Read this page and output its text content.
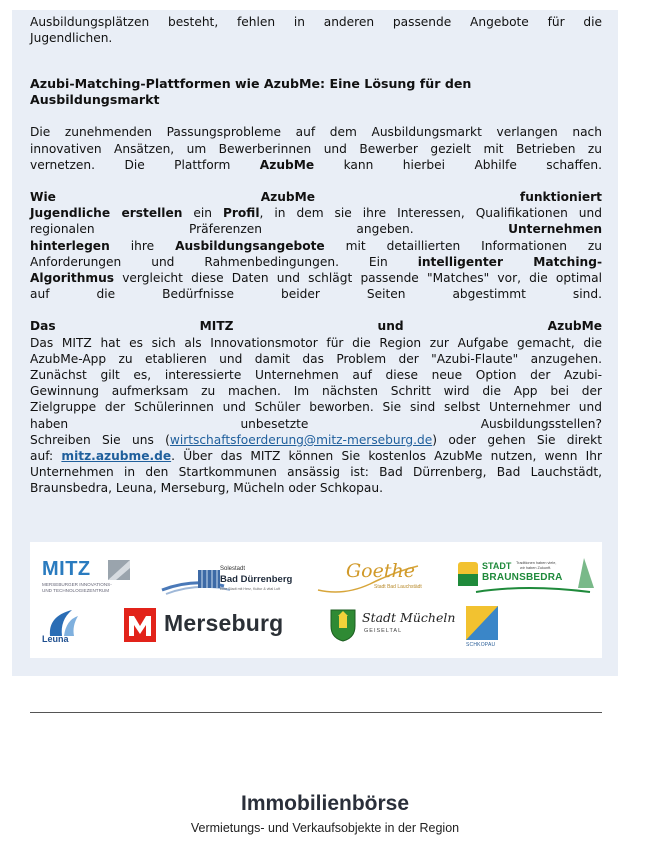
Ausbildungsplätzen besteht, fehlen in anderen passende Angebote für die

Jugendlichen.

Azubi-Matching-Plattformen wie AzubMe: Eine Lösung für den Ausbildungsmarkt

Die zunehmenden Passungsprobleme auf dem Ausbildungsmarkt verlangen nach

innovativen Ansätzen, um Bewerberinnen und Bewerber gezielt mit Betrieben zu

vernetzen. Die Plattform AzubMe kann hierbei Abhilfe schaffen.

Wie AzubMe funktioniert

Jugendliche erstellen ein Profil, in dem sie ihre Interessen, Qualifikationen und

regionalen Präferenzen angeben.	Unternehmen

hinterlegen ihre Ausbildungsangebote mit detaillierten Informationen zu

Anforderungen und Rahmenbedingungen. Ein intelligenter Matching-

Algorithmus vergleicht diese Daten und schlägt passende "Matches" vor, die optimal

auf die Bedürfnisse beider Seiten abgestimmt sind.

Das MITZ und AzubMe

Das MITZ hat es sich als Innovationsmotor für die Region zur Aufgabe gemacht, die

AzubMe-App zu etablieren und damit das Problem der "Azubi-Flaute" anzugehen.

Zunächst gilt es, interessierte Unternehmen auf diese neue Option der Azubi-

Gewinnung aufmerksam zu machen. Im nächsten Schritt wird die App bei der

Zielgruppe der Schülerinnen und Schüler beworben. Sie sind selbst Unternehmer und

haben unbesetzte Ausbildungsstellen?

Schreiben Sie uns (wirtschaftsfoerderung@mitz-merseburg.de) oder gehen Sie direkt

auf: mitz.azubme.de. Über das MITZ können Sie kostenlos AzubMe nutzen, wenn Ihr

Unternehmen in den Startkommunen ansässig ist: Bad Dürrenberg, Bad Lauchstädt,

Braunsbedra, Leuna, Merseburg, Mücheln oder Schkopau.

MITZ
MERSEBURGER INNOVATIONS-
UND TECHNOLOGIEZENTRUM
Solestadt
Bad Dürrenberg
Eine Stadt mit Herz, Kultur & vital Luft
Goethe
Stadt Bad Lauchstädt
STADT
BRAUNSBEDRA
Traditionen haben viele,
wir haben Zukunft.
Leuna
Merseburg	Stadt Mücheln
GEISELTAL
SCHKOPAU
Immobilienbörse
Vermietungs- und Verkaufsobjekte in der Region
